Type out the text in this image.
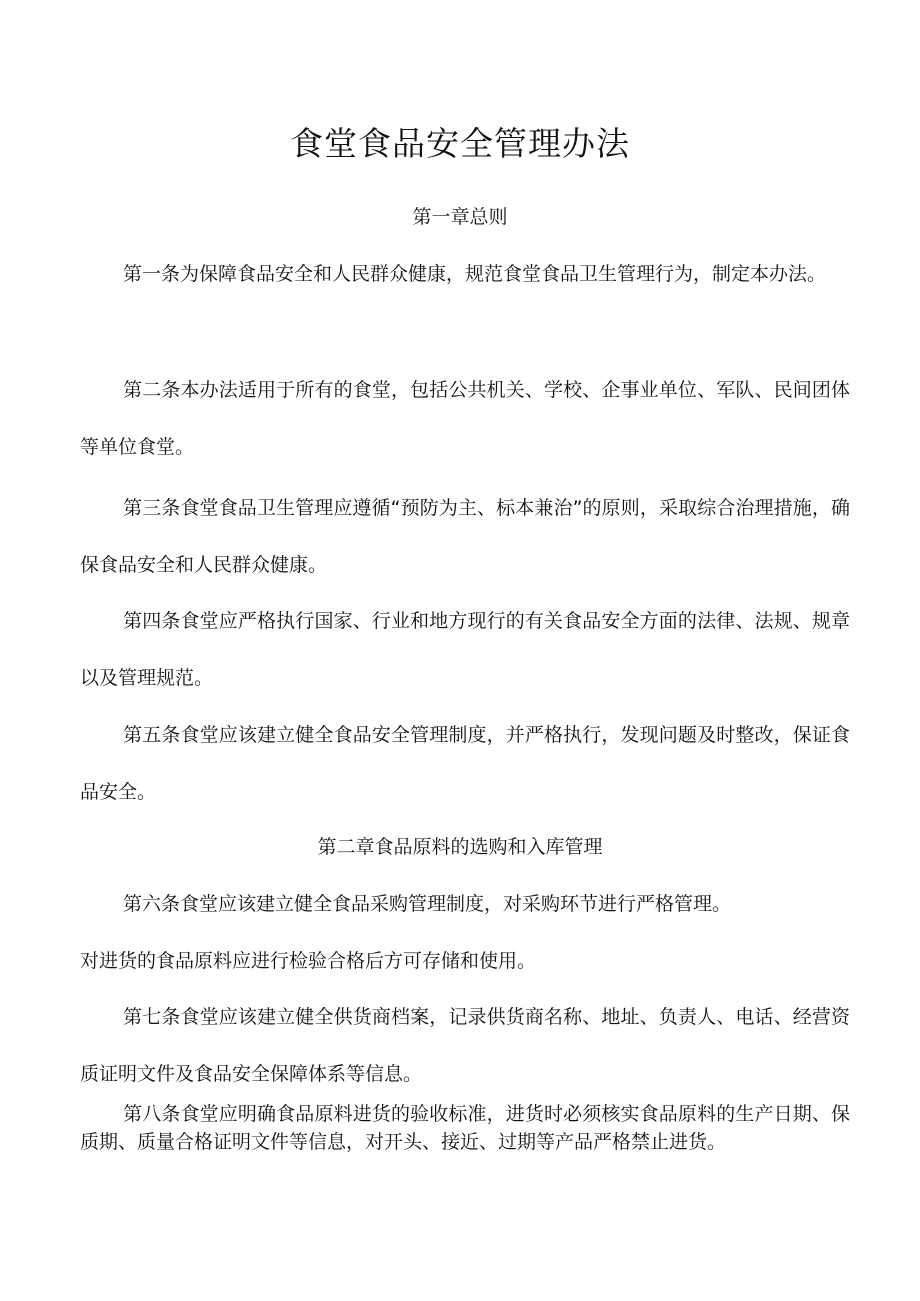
食堂食品安全管理办法
第一章总则

第一条为保障食品安全和人民群众健康，规范食堂食品卫生管理行为，制定本办法。

第二条本办法适用于所有的食堂，包括公共机关、学校、企事业单位、军队、民间团体等单位食堂。

第三条食堂食品卫生管理应遵循“预防为主、标本兼治”的原则，采取综合治理措施，确保食品安全和人民群众健康。

第四条食堂应严格执行国家、行业和地方现行的有关食品安全方面的法律、法规、规章以及管理规范。

第五条食堂应该建立健全食品安全管理制度，并严格执行，发现问题及时整改，保证食品安全。

第二章食品原料的选购和入库管理

第六条食堂应该建立健全食品采购管理制度，对采购环节进行严格管理。

对进货的食品原料应进行检验合格后方可存储和使用。

第七条食堂应该建立健全供货商档案，记录供货商名称、地址、负责人、电话、经营资质证明文件及食品安全保障体系等信息。

第八条食堂应明确食品原料进货的验收标准，进货时必须核实食品原料的生产日期、保质期、质量合格证明文件等信息，对开头、接近、过期等产品严格禁止进货。
